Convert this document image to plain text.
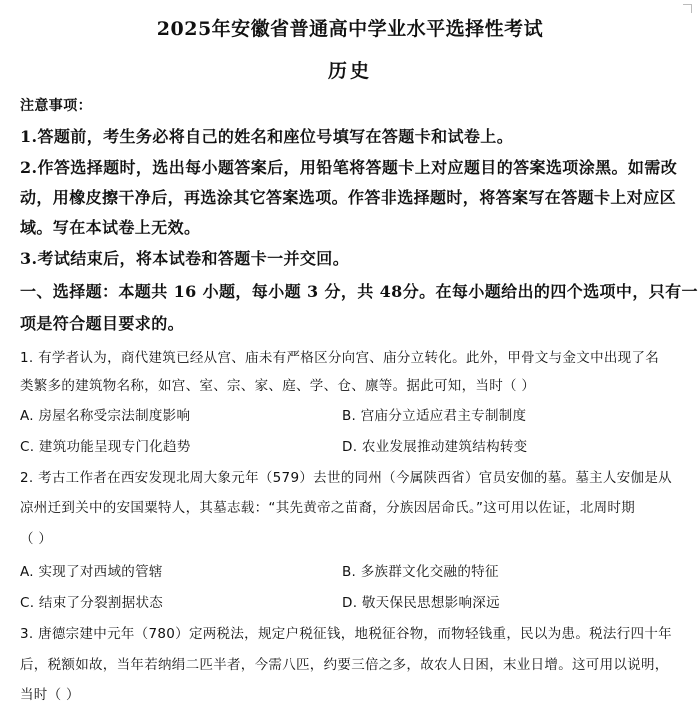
2025年安徽省普通高中学业水平选择性考试
历史
注意事项：
1.答题前，考生务必将自己的姓名和座位号填写在答题卡和试卷上。
2.作答选择题时，选出每小题答案后，用铅笔将答题卡上对应题目的答案选项涂黑。如需改
动，用橡皮擦干净后，再选涂其它答案选项。作答非选择题时，将答案写在答题卡上对应区
域。写在本试卷上无效。
3.考试结束后，将本试卷和答题卡一并交回。
一、选择题：本题共 16 小题，每小题 3 分，共 48分。在每小题给出的四个选项中，只有一
项是符合题目要求的。
1. 有学者认为，商代建筑已经从宫、庙未有严格区分向宫、庙分立转化。此外，甲骨文与金文中出现了名
类繁多的建筑物名称，如宫、室、宗、家、庭、学、仓、廪等。据此可知，当时（ ）
A. 房屋名称受宗法制度影响	B. 宫庙分立适应君主专制制度
C. 建筑功能呈现专门化趋势	D. 农业发展推动建筑结构转变
2. 考古工作者在西安发现北周大象元年（579）去世的同州（今属陕西省）官员安伽的墓。墓主人安伽是从
凉州迁到关中的安国粟特人，其墓志载：“其先黄帝之苗裔，分族因居命氏。”这可用以佐证，北周时期
（ ）
A. 实现了对西域的管辖	B. 多族群文化交融的特征
C. 结束了分裂割据状态	D. 敬天保民思想影响深远
3. 唐德宗建中元年（780）定两税法，规定户税征钱，地税征谷物，而物轻钱重，民以为患。税法行四十年
后，税额如故，当年若纳绢二匹半者，今需八匹，约要三倍之多，故农人日困，末业日增。这可用以说明，
当时（ ）
